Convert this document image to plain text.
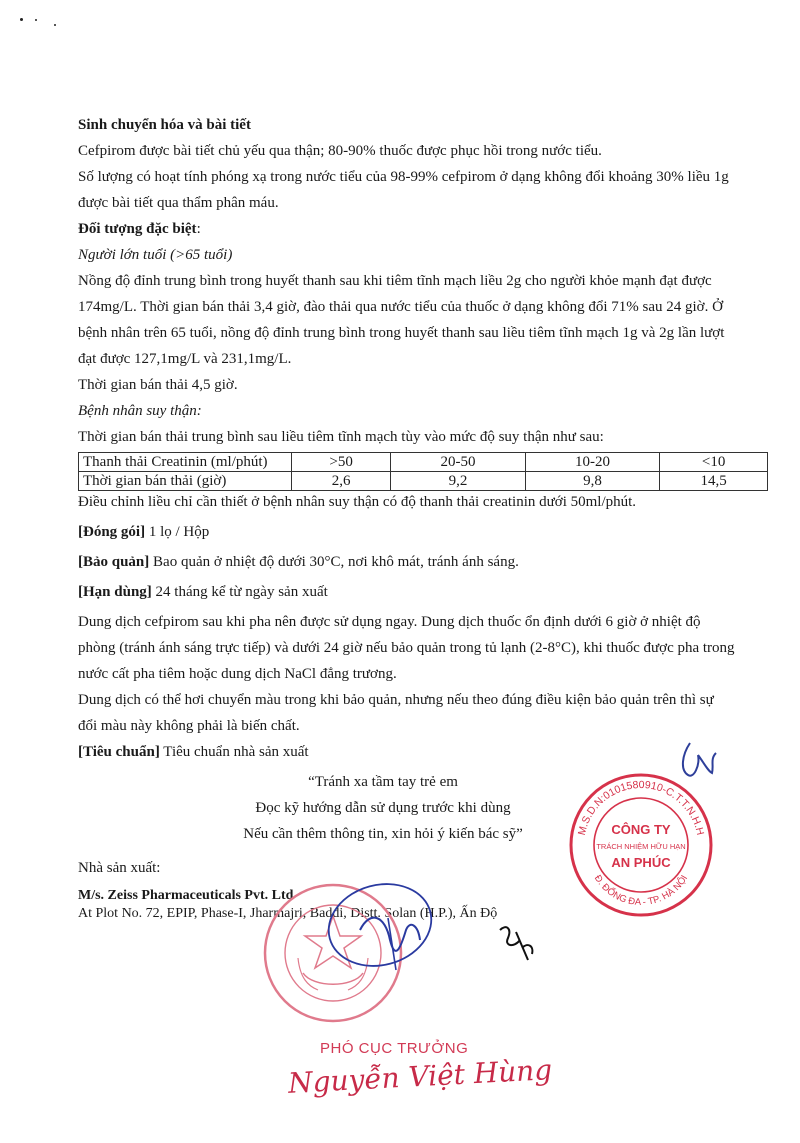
Sinh chuyển hóa và bài tiết

Cefpirom được bài tiết chủ yếu qua thận; 80-90% thuốc được phục hồi trong nước tiểu.

Số lượng có hoạt tính phóng xạ trong nước tiểu của 98-99% cefpirom ở dạng không đổi khoảng 30% liều 1g

được bài tiết qua thẩm phân máu.

Đối tượng đặc biệt:

Người lớn tuổi (>65 tuổi)

Nồng độ đỉnh trung bình trong huyết thanh sau khi tiêm tĩnh mạch liều 2g cho người khỏe mạnh đạt được

174mg/L. Thời gian bán thải 3,4 giờ, đào thải qua nước tiểu của thuốc ở dạng không đổi 71% sau 24 giờ. Ở

bệnh nhân trên 65 tuổi, nồng độ đỉnh trung bình trong huyết thanh sau liều tiêm tĩnh mạch 1g và 2g lần lượt

đạt được 127,1mg/L và 231,1mg/L.

Thời gian bán thải 4,5 giờ.

Bệnh nhân suy thận:

Thời gian bán thải trung bình sau liều tiêm tĩnh mạch tùy vào mức độ suy thận như sau:

Thanh thải Creatinin (ml/phút)	>50	20-50	10-20	<10
Thời gian bán thải (giờ)	2,6	9,2	9,8	14,5

Điều chỉnh liều chỉ cần thiết ở bệnh nhân suy thận có độ thanh thải creatinin dưới 50ml/phút.

[Đóng gói] 1 lọ / Hộp

[Bảo quản] Bao quản ở nhiệt độ dưới 30°C, nơi khô mát, tránh ánh sáng.

[Hạn dùng] 24 tháng kể từ ngày sản xuất

Dung dịch cefpirom sau khi pha nên được sử dụng ngay. Dung dịch thuốc ổn định dưới 6 giờ ở nhiệt độ

phòng (tránh ánh sáng trực tiếp) và dưới 24 giờ nếu bảo quản trong tủ lạnh (2-8°C), khi thuốc được pha trong

nước cất pha tiêm hoặc dung dịch NaCl đẳng trương.

Dung dịch có thể hơi chuyển màu trong khi bảo quản, nhưng nếu theo đúng điều kiện bảo quản trên thì sự

đổi màu này không phải là biến chất.

[Tiêu chuẩn] Tiêu chuẩn nhà sản xuất

“Tránh xa tầm tay trẻ em

Đọc kỹ hướng dẫn sử dụng trước khi dùng

Nếu cần thêm thông tin, xin hỏi ý kiến bác sỹ”

Nhà sản xuất:

M/s. Zeiss Pharmaceuticals Pvt. Ltd

At Plot No. 72, EPIP, Phase-I, Jharmajri, Baddi, Distt. Solan (H.P.), Ấn Độ

M.S.D.N:0101580910-C.T.T.N.H.H
Đ. ĐỐNG ĐA - TP. HÀ NỘI
CÔNG TY
TRÁCH NHIỆM HỮU HẠN
AN PHÚC
PHÓ CỤC TRƯỞNG
Nguyễn Việt Hùng
